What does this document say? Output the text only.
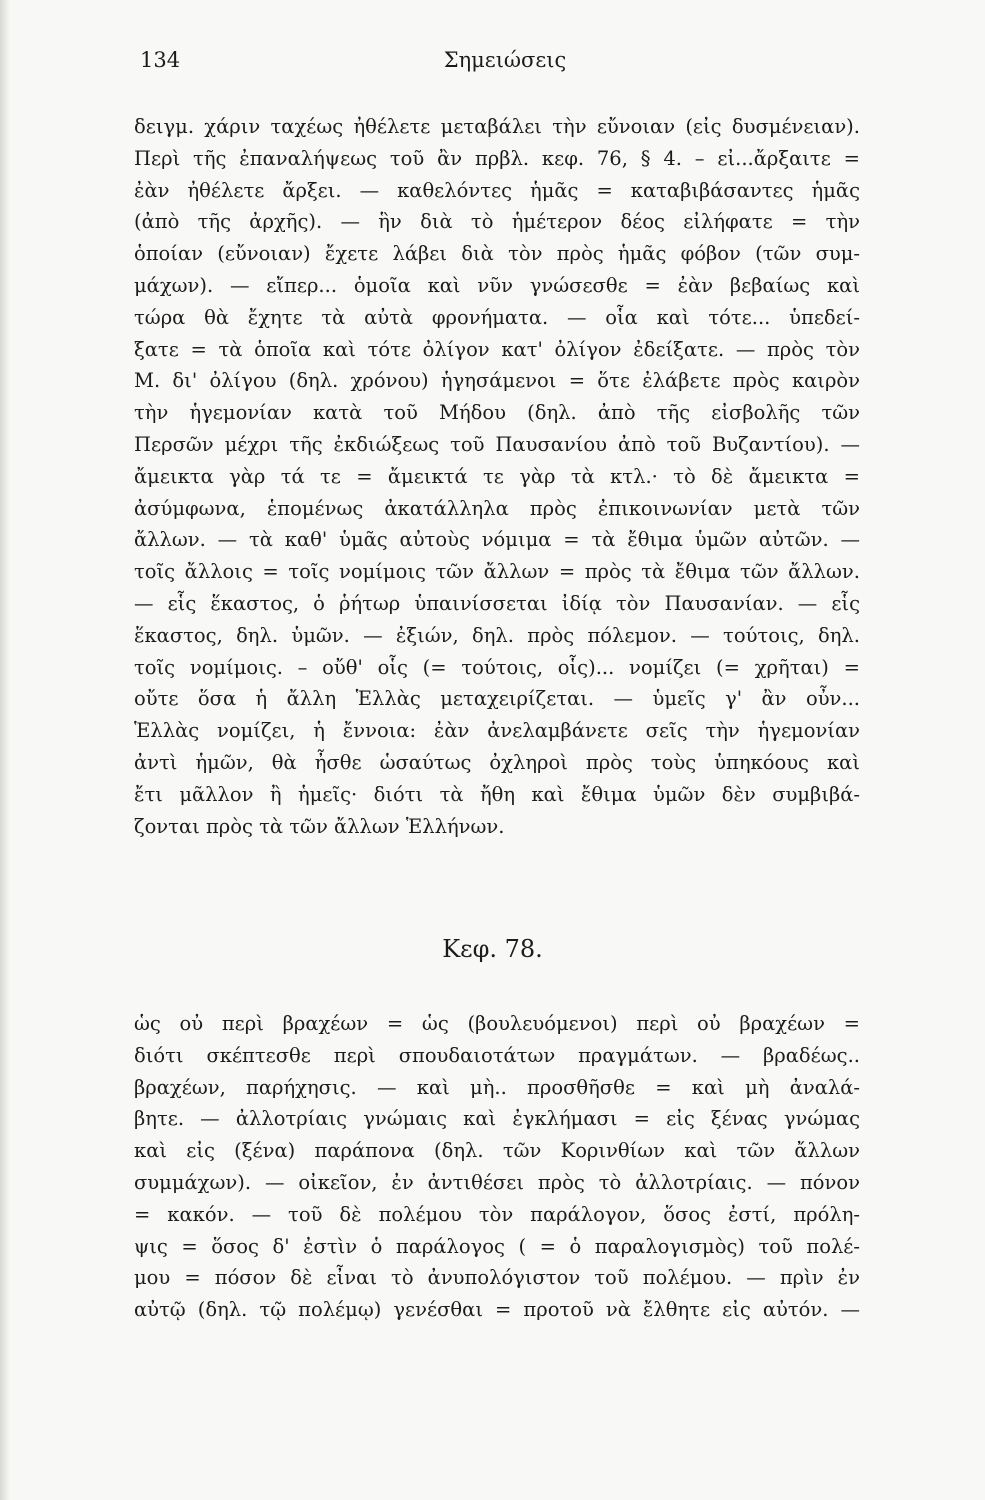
134	Σημειώσεις
δειγμ. χάριν ταχέως ἠθέλετε μεταβάλει τὴν εὔνοιαν (εἰς δυσμένειαν).
Περὶ τῆς ἐπαναλήψεως τοῦ ἂν πρβλ. κεφ. 76, § 4. – εἰ...ἄρξαιτε =
ἐὰν ἠθέλετε ἄρξει. — καθελόντες ἡμᾶς = καταβιβάσαντες ἡμᾶς
(ἀπὸ τῆς ἀρχῆς). — ἣν διὰ τὸ ἡμέτερον δέος εἰλήφατε = τὴν
ὁποίαν (εὔνοιαν) ἔχετε λάβει διὰ τὸν πρὸς ἡμᾶς φόβον (τῶν συμ-
μάχων). — εἴπερ... ὁμοῖα καὶ νῦν γνώσεσθε = ἐὰν βεβαίως καὶ
τώρα θὰ ἔχητε τὰ αὐτὰ φρονήματα. — οἷα καὶ τότε... ὑπεδεί-
ξατε = τὰ ὁποῖα καὶ τότε ὀλίγον κατ' ὀλίγον ἐδείξατε. — πρὸς τὸν
Μ. δι' ὀλίγου (δηλ. χρόνου) ἡγησάμενοι = ὅτε ἐλάβετε πρὸς καιρὸν
τὴν ἡγεμονίαν κατὰ τοῦ Μήδου (δηλ. ἀπὸ τῆς εἰσβολῆς τῶν
Περσῶν μέχρι τῆς ἐκδιώξεως τοῦ Παυσανίου ἀπὸ τοῦ Βυζαντίου). —
ἄμεικτα γὰρ τά τε = ἄμεικτά τε γὰρ τὰ κτλ.· τὸ δὲ ἄμεικτα =
ἀσύμφωνα, ἑπομένως ἀκατάλληλα πρὸς ἐπικοινωνίαν μετὰ τῶν
ἄλλων. — τὰ καθ' ὑμᾶς αὐτοὺς νόμιμα = τὰ ἔθιμα ὑμῶν αὐτῶν. —
τοῖς ἄλλοις = τοῖς νομίμοις τῶν ἄλλων = πρὸς τὰ ἔθιμα τῶν ἄλλων.
— εἷς ἕκαστος, ὁ ῥήτωρ ὑπαινίσσεται ἰδίᾳ τὸν Παυσανίαν. — εἷς
ἕκαστος, δηλ. ὑμῶν. — ἐξιών, δηλ. πρὸς πόλεμον. — τούτοις, δηλ.
τοῖς νομίμοις. – οὔθ' οἷς (= τούτοις, οἷς)... νομίζει (= χρῆται) =
οὔτε ὅσα ἡ ἄλλη Ἑλλὰς μεταχειρίζεται. — ὑμεῖς γ' ἂν οὖν...
Ἑλλὰς νομίζει, ἡ ἔννοια: ἐὰν ἀνελαμβάνετε σεῖς τὴν ἡγεμονίαν
ἀντὶ ἡμῶν, θὰ ἦσθε ὡσαύτως ὀχληροὶ πρὸς τοὺς ὑπηκόους καὶ
ἔτι μᾶλλον ἢ ἡμεῖς· διότι τὰ ἤθη καὶ ἔθιμα ὑμῶν δὲν συμβιβά-
ζονται πρὸς τὰ τῶν ἄλλων Ἑλλήνων.
Κεφ. 78.
ὡς οὐ περὶ βραχέων = ὡς (βουλευόμενοι) περὶ οὐ βραχέων =
διότι σκέπτεσθε περὶ σπουδαιοτάτων πραγμάτων. — βραδέως..
βραχέων, παρήχησις. — καὶ μὴ.. προσθῆσθε = καὶ μὴ ἀναλά-
βητε. — ἀλλοτρίαις γνώμαις καὶ ἐγκλήμασι = εἰς ξένας γνώμας
καὶ εἰς (ξένα) παράπονα (δηλ. τῶν Κορινθίων καὶ τῶν ἄλλων
συμμάχων). — οἰκεῖον, ἐν ἀντιθέσει πρὸς τὸ ἀλλοτρίαις. — πόνον
= κακόν. — τοῦ δὲ πολέμου τὸν παράλογον, ὅσος ἐστί, πρόλη-
ψις = ὅσος δ' ἐστὶν ὁ παράλογος ( = ὁ παραλογισμὸς) τοῦ πολέ-
μου = πόσον δὲ εἶναι τὸ ἀνυπολόγιστον τοῦ πολέμου. — πρὶν ἐν
αὐτῷ (δηλ. τῷ πολέμῳ) γενέσθαι = προτοῦ νὰ ἔλθητε εἰς αὐτόν. —
